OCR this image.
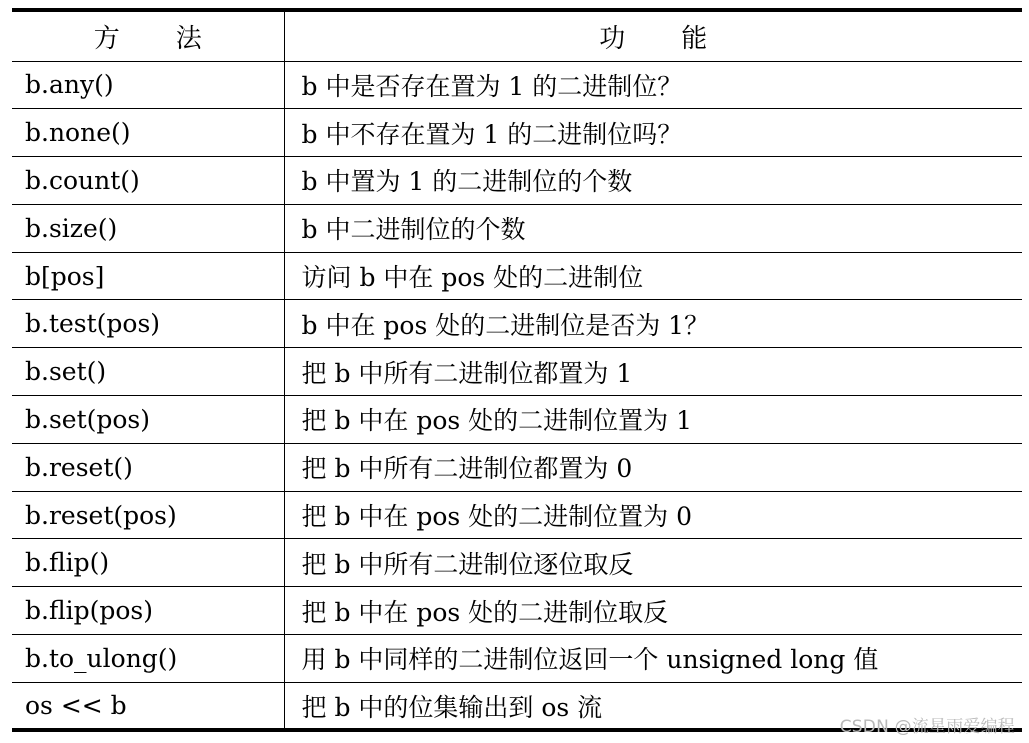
方 法	功 能

b.any()	b 中是否存在置为 1 的二进制位？
b.none()	b 中不存在置为 1 的二进制位吗？
b.count()	b 中置为 1 的二进制位的个数
b.size()	b 中二进制位的个数
b[pos]	访问 b 中在 pos 处的二进制位
b.test(pos)	b 中在 pos 处的二进制位是否为 1？
b.set()	把 b 中所有二进制位都置为 1
b.set(pos)	把 b 中在 pos 处的二进制位置为 1
b.reset()	把 b 中所有二进制位都置为 0
b.reset(pos)	把 b 中在 pos 处的二进制位置为 0
b.flip()	把 b 中所有二进制位逐位取反
b.flip(pos)	把 b 中在 pos 处的二进制位取反
b.to_ulong()	用 b 中同样的二进制位返回一个 unsigned long 值
os << b	把 b 中的位集输出到 os 流
CSDN @流星雨爱编程
